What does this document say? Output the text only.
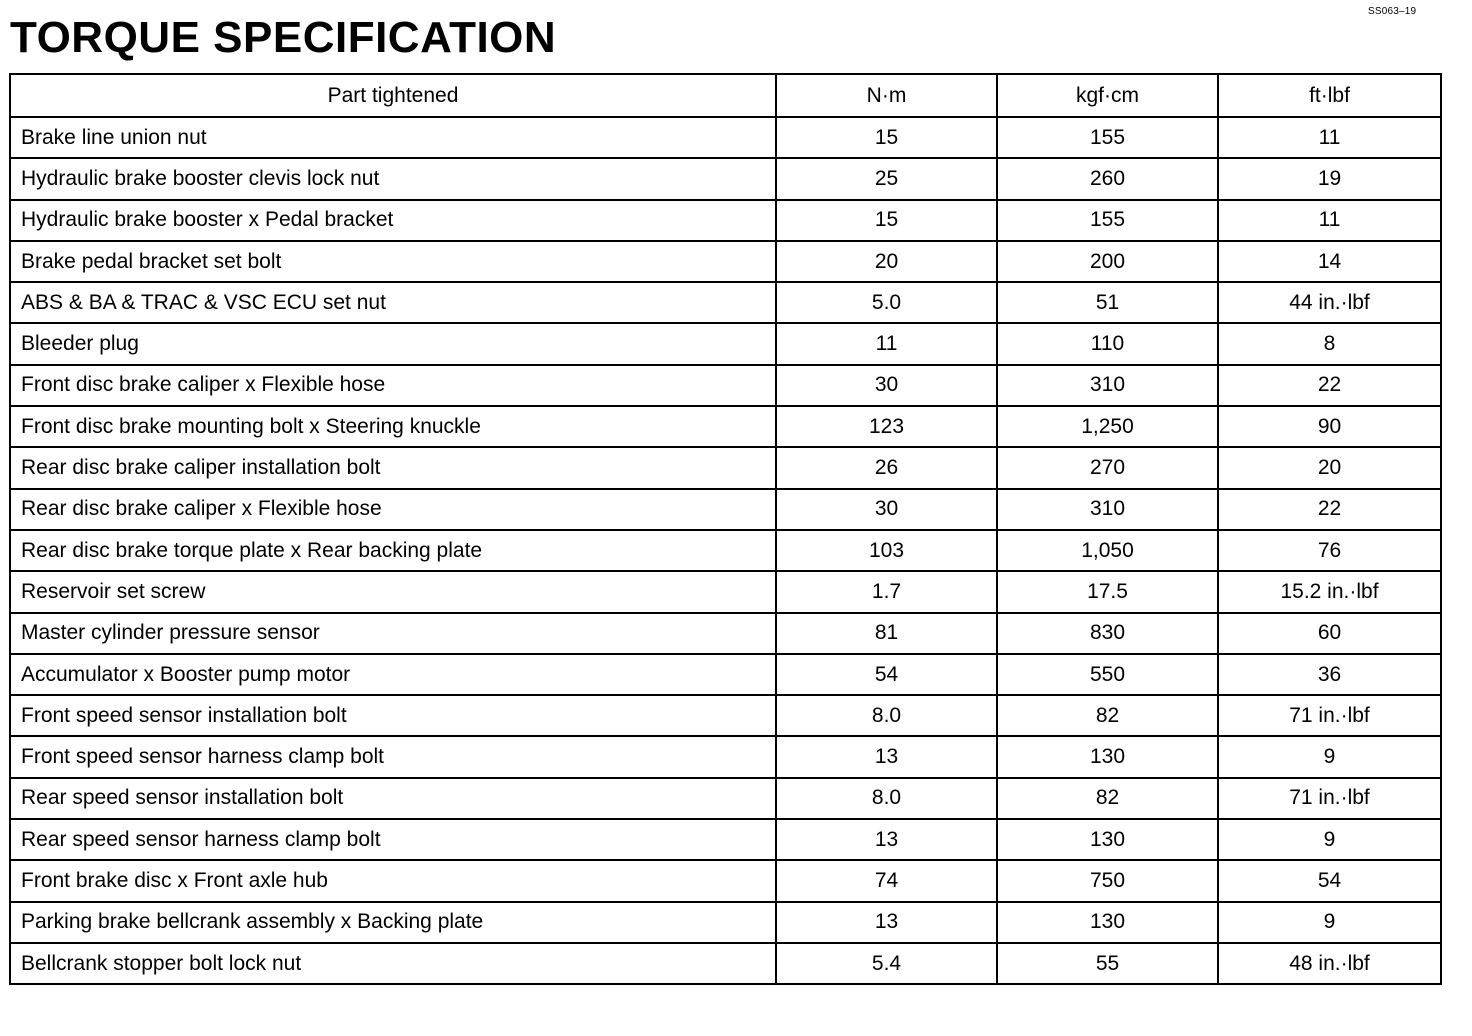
SS063–19
TORQUE SPECIFICATION
Part tightened	N·m	kgf·cm	ft·lbf
Brake line union nut	15	155	11
Hydraulic brake booster clevis lock nut	25	260	19
Hydraulic brake booster x Pedal bracket	15	155	11
Brake pedal bracket set bolt	20	200	14
ABS & BA & TRAC & VSC ECU set nut	5.0	51	44 in.·lbf
Bleeder plug	11	110	8
Front disc brake caliper x Flexible hose	30	310	22
Front disc brake mounting bolt x Steering knuckle	123	1,250	90
Rear disc brake caliper installation bolt	26	270	20
Rear disc brake caliper x Flexible hose	30	310	22
Rear disc brake torque plate x Rear backing plate	103	1,050	76
Reservoir set screw	1.7	17.5	15.2 in.·lbf
Master cylinder pressure sensor	81	830	60
Accumulator x Booster pump motor	54	550	36
Front speed sensor installation bolt	8.0	82	71 in.·lbf
Front speed sensor harness clamp bolt	13	130	9
Rear speed sensor installation bolt	8.0	82	71 in.·lbf
Rear speed sensor harness clamp bolt	13	130	9
Front brake disc x Front axle hub	74	750	54
Parking brake bellcrank assembly x Backing plate	13	130	9
Bellcrank stopper bolt lock nut	5.4	55	48 in.·lbf
